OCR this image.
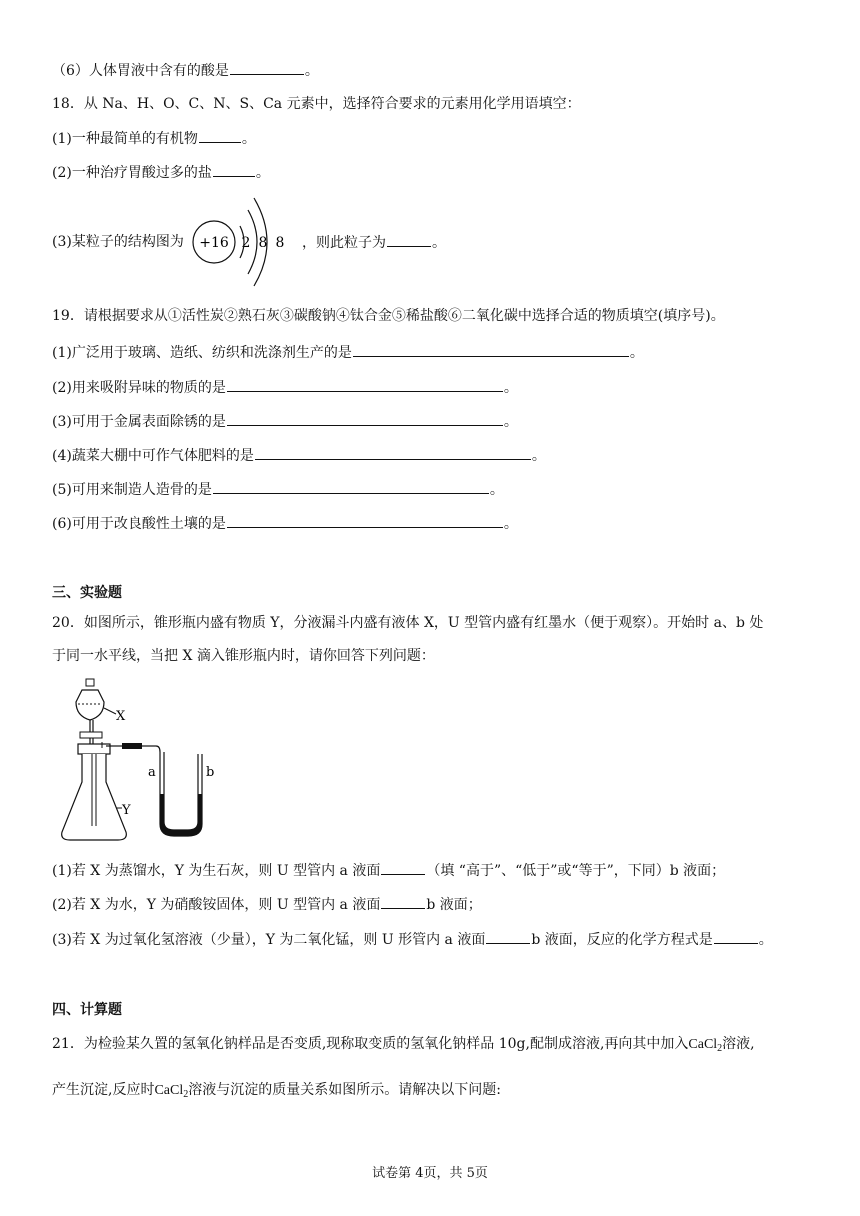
（6）人体胃液中含有的酸是	。
18．从 Na、H、O、C、N、S、Ca 元素中，选择符合要求的元素用化学用语填空：
(1)一种最简单的有机物	。
(2)一种治疗胃酸过多的盐	。
(3)某粒子的结构图为 +16 2 8 8 ，则此粒子为	。
19．请根据要求从①活性炭②熟石灰③碳酸钠④钛合金⑤稀盐酸⑥二氧化碳中选择合适的物质填空(填序号)。
(1)广泛用于玻璃、造纸、纺织和洗涤剂生产的是	。
(2)用来吸附异味的物质的是	。
(3)可用于金属表面除锈的是	。
(4)蔬菜大棚中可作气体肥料的是	。
(5)可用来制造人造骨的是	。
(6)可用于改良酸性土壤的是	。
三、实验题
20．如图所示，锥形瓶内盛有物质 Y，分液漏斗内盛有液体 X，U 型管内盛有红墨水（便于观察）。开始时 a、b 处
于同一水平线，当把 X 滴入锥形瓶内时，请你回答下列问题：
X
a	b
Y
(1)若 X 为蒸馏水，Y 为生石灰，则 U 型管内 a 液面	（填 “高于”、“低于”或“等于”，下同）b 液面；
(2)若 X 为水，Y 为硝酸铵固体，则 U 型管内 a 液面	b 液面；
(3)若 X 为过氧化氢溶液（少量），Y 为二氧化锰，则 U 形管内 a 液面	b 液面，反应的化学方程式是	。
四、计算题
21．为检验某久置的氢氧化钠样品是否变质,现称取变质的氢氧化钠样品 10g,配制成溶液,再向其中加入CaCl$_2$溶液,
产生沉淀,反应时CaCl$_2$溶液与沉淀的质量关系如图所示。请解决以下问题:
试卷第 4页，共 5页
